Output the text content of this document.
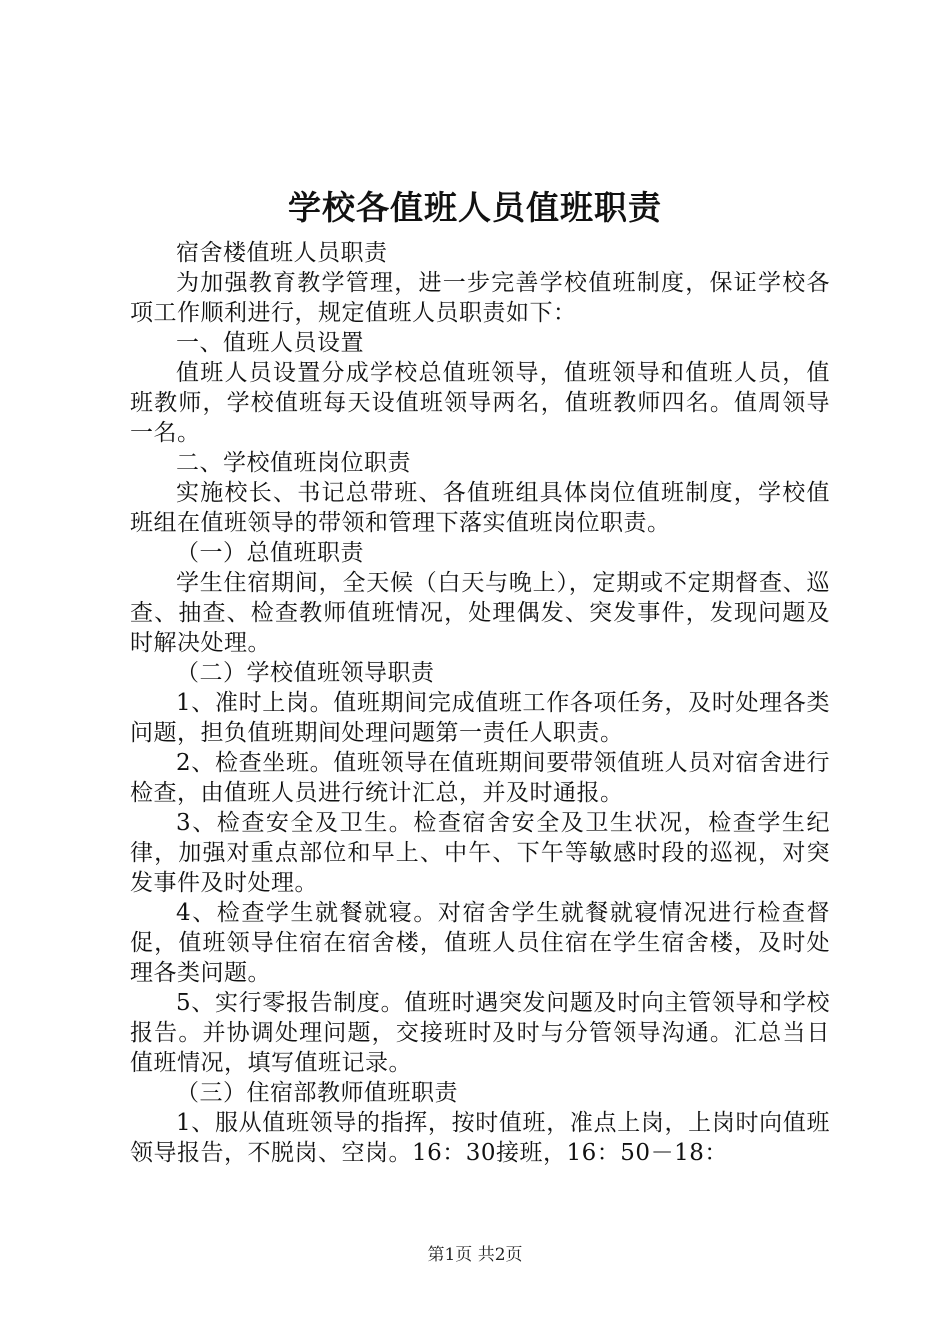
学校各值班人员值班职责

宿舍楼值班人员职责

为加强教育教学管理，进一步完善学校值班制度，保证学校各项工作顺利进行，规定值班人员职责如下：

一、值班人员设置

值班人员设置分成学校总值班领导，值班领导和值班人员，值班教师，学校值班每天设值班领导两名，值班教师四名。值周领导一名。

二、学校值班岗位职责

实施校长、书记总带班、各值班组具体岗位值班制度，学校值班组在值班领导的带领和管理下落实值班岗位职责。

（一）总值班职责

学生住宿期间，全天候（白天与晚上），定期或不定期督查、巡查、抽查、检查教师值班情况，处理偶发、突发事件，发现问题及时解决处理。

（二）学校值班领导职责

1、准时上岗。值班期间完成值班工作各项任务，及时处理各类问题，担负值班期间处理问题第一责任人职责。

2、检查坐班。值班领导在值班期间要带领值班人员对宿舍进行检查，由值班人员进行统计汇总，并及时通报。

3、检查安全及卫生。检查宿舍安全及卫生状况，检查学生纪律，加强对重点部位和早上、中午、下午等敏感时段的巡视，对突发事件及时处理。

4、检查学生就餐就寝。对宿舍学生就餐就寝情况进行检查督促，值班领导住宿在宿舍楼，值班人员住宿在学生宿舍楼，及时处理各类问题。

5、实行零报告制度。值班时遇突发问题及时向主管领导和学校报告。并协调处理问题，交接班时及时与分管领导沟通。汇总当日值班情况，填写值班记录。

（三）住宿部教师值班职责

1、服从值班领导的指挥，按时值班，准点上岗，上岗时向值班领导报告，不脱岗、空岗。16：30接班，16：50－18：

第1页 共2页
